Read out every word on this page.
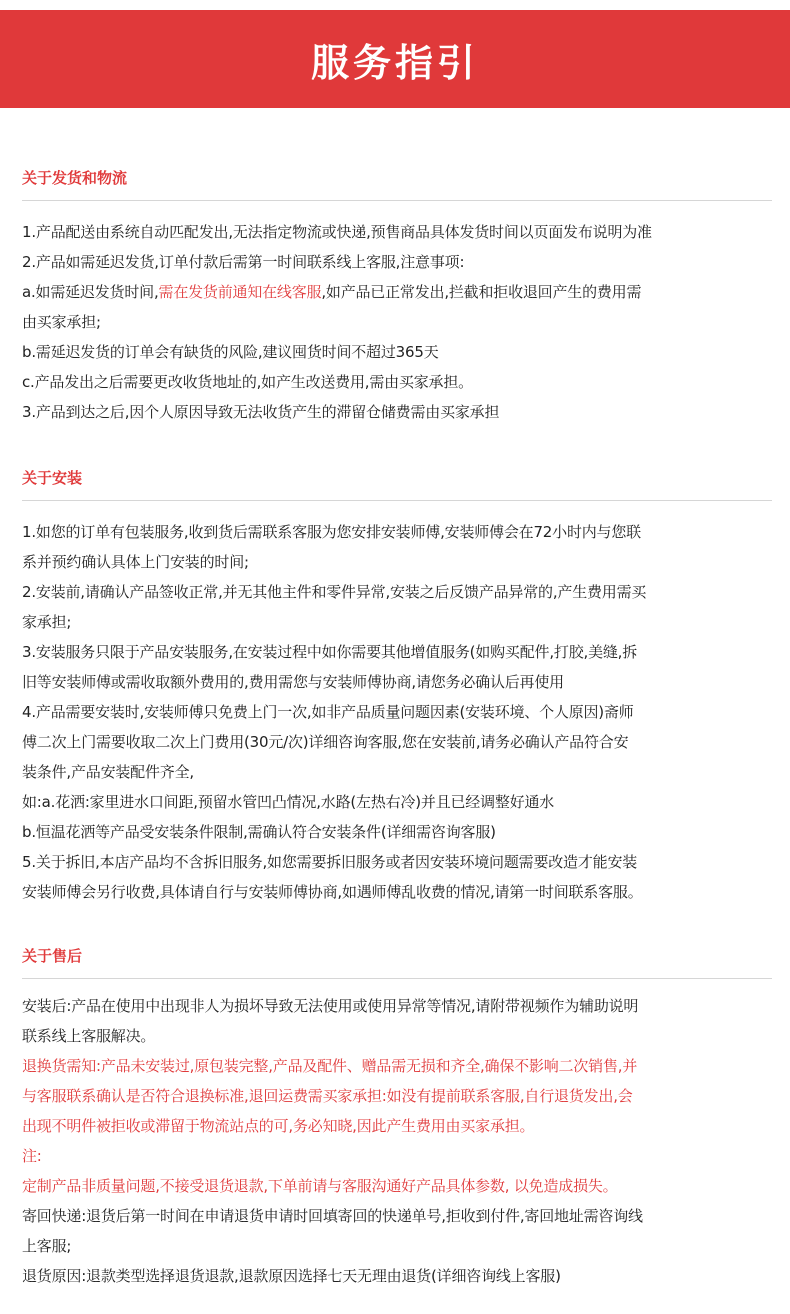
服务指引
关于发货和物流

1.产品配送由系统自动匹配发出,无法指定物流或快递,预售商品具体发货时间以页面发布说明为准

2.产品如需延迟发货,订单付款后需第一时间联系线上客服,注意事项:

a.如需延迟发货时间,需在发货前通知在线客服,如产品已正常发出,拦截和拒收退回产生的费用需

由买家承担;

b.需延迟发货的订单会有缺货的风险,建议囤货时间不超过365天

c.产品发出之后需要更改收货地址的,如产生改送费用,需由买家承担。

3.产品到达之后,因个人原因导致无法收货产生的滞留仓储费需由买家承担

关于安装

1.如您的订单有包装服务,收到货后需联系客服为您安排安装师傅,安装师傅会在72小时内与您联

系并预约确认具体上门安装的时间;

2.安装前,请确认产品签收正常,并无其他主件和零件异常,安装之后反馈产品异常的,产生费用需买

家承担;

3.安装服务只限于产品安装服务,在安装过程中如你需要其他增值服务(如购买配件,打胶,美缝,拆

旧等安装师傅或需收取额外费用的,费用需您与安装师傅协商,请您务必确认后再使用

4.产品需要安装时,安装师傅只免费上门一次,如非产品质量问题因素(安装环境、个人原因)斋师

傅二次上门需要收取二次上门费用(30元/次)详细咨询客服,您在安装前,请务必确认产品符合安

装条件,产品安装配件齐全,

如:a.花洒:家里进水口间距,预留水管凹凸情况,水路(左热右冷)并且已经调整好通水

b.恒温花洒等产品受安装条件限制,需确认符合安装条件(详细需咨询客服)

5.关于拆旧,本店产品均不含拆旧服务,如您需要拆旧服务或者因安装环境问题需要改造才能安装

安装师傅会另行收费,具体请自行与安装师傅协商,如遇师傅乱收费的情况,请第一时间联系客服。

关于售后

安装后:产品在使用中出现非人为损坏导致无法使用或使用异常等情况,请附带视频作为辅助说明

联系线上客服解决。

退换货需知:产品未安装过,原包装完整,产品及配件、赠品需无损和齐全,确保不影响二次销售,并

与客服联系确认是否符合退换标准,退回运费需买家承担:如没有提前联系客服,自行退货发出,会

出现不明件被拒收或滞留于物流站点的可,务必知晓,因此产生费用由买家承担。

注:

定制产品非质量问题,不接受退货退款,下单前请与客服沟通好产品具体参数, 以免造成损失。

寄回快递:退货后第一时间在申请退货申请时回填寄回的快递单号,拒收到付件,寄回地址需咨询线

上客服;

退货原因:退款类型选择退货退款,退款原因选择七天无理由退货(详细咨询线上客服)
